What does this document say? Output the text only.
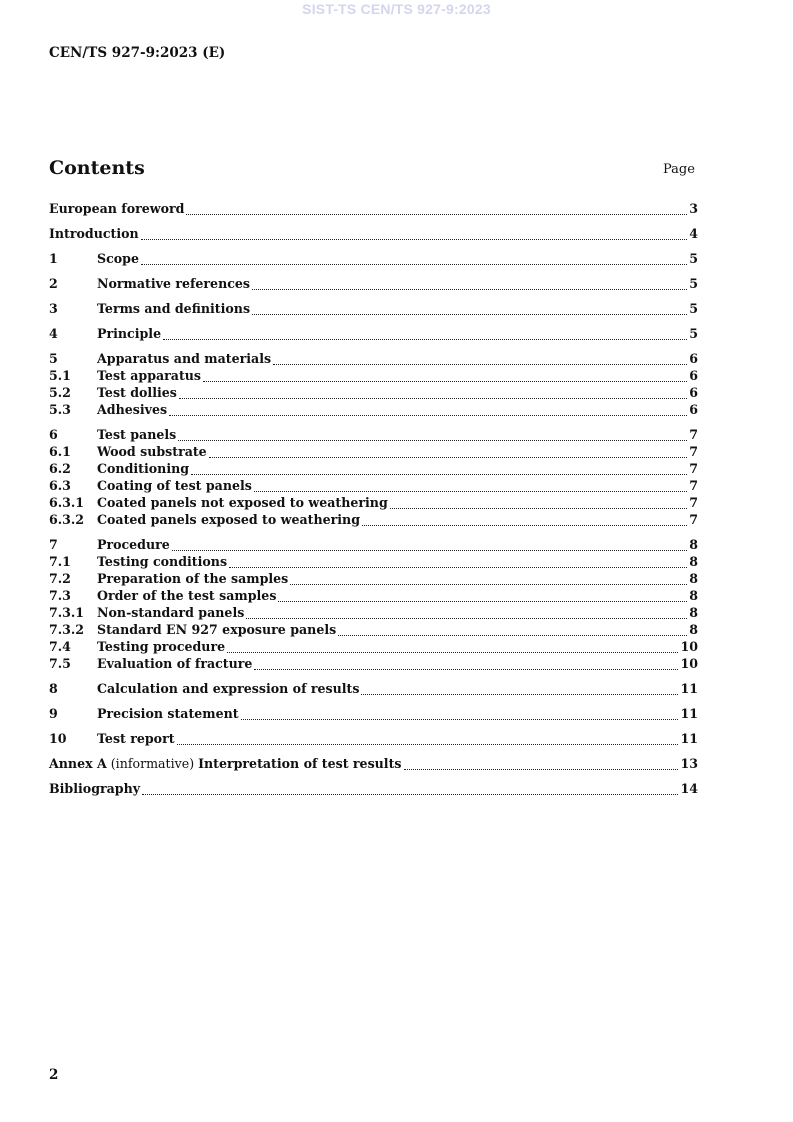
SIST-TS CEN/TS 927-9:2023
CEN/TS 927-9:2023 (E)
Contents	Page
European foreword	3
Introduction	4
1	Scope	5
2	Normative references	5
3	Terms and definitions	5
4	Principle	5
5	Apparatus and materials	6
5.1	Test apparatus	6
5.2	Test dollies	6
5.3	Adhesives	6
6	Test panels	7
6.1	Wood substrate	7
6.2	Conditioning	7
6.3	Coating of test panels	7
6.3.1	Coated panels not exposed to weathering	7
6.3.2	Coated panels exposed to weathering	7
7	Procedure	8
7.1	Testing conditions	8
7.2	Preparation of the samples	8
7.3	Order of the test samples	8
7.3.1	Non-standard panels	8
7.3.2	Standard EN 927 exposure panels	8
7.4	Testing procedure	10
7.5	Evaluation of fracture	10
8	Calculation and expression of results	11
9	Precision statement	11
10	Test report	11
Annex A (informative) Interpretation of test results	13
Bibliography	14
2
